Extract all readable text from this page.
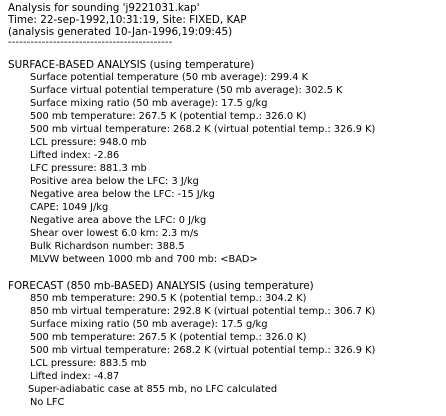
Analysis for sounding 'j9221031.kap'
Time: 22-sep-1992,10:31:19, Site: FIXED, KAP
(analysis generated 10-Jan-1996,19:09:45)
--------------------------------------------
SURFACE-BASED ANALYSIS (using temperature)
Surface potential temperature (50 mb average): 299.4 K
Surface virtual potential temperature (50 mb average): 302.5 K
Surface mixing ratio (50 mb average): 17.5 g/kg
500 mb temperature: 267.5 K (potential temp.: 326.0 K)
500 mb virtual temperature: 268.2 K (virtual potential temp.: 326.9 K)
LCL pressure: 948.0 mb
Lifted index: -2.86
LFC pressure: 881.3 mb
Positive area below the LFC: 3 J/kg
Negative area below the LFC: -15 J/kg
CAPE: 1049 J/kg
Negative area above the LFC: 0 J/kg
Shear over lowest 6.0 km: 2.3 m/s
Bulk Richardson number: 388.5
MLVW between 1000 mb and 700 mb: <BAD>
FORECAST (850 mb-BASED) ANALYSIS (using temperature)
850 mb temperature: 290.5 K (potential temp.: 304.2 K)
850 mb virtual temperature: 292.8 K (virtual potential temp.: 306.7 K)
Surface mixing ratio (50 mb average): 17.5 g/kg
500 mb temperature: 267.5 K (potential temp.: 326.0 K)
500 mb virtual temperature: 268.2 K (virtual potential temp.: 326.9 K)
LCL pressure: 883.5 mb
Lifted index: -4.87
Super-adiabatic case at 855 mb, no LFC calculated
No LFC
